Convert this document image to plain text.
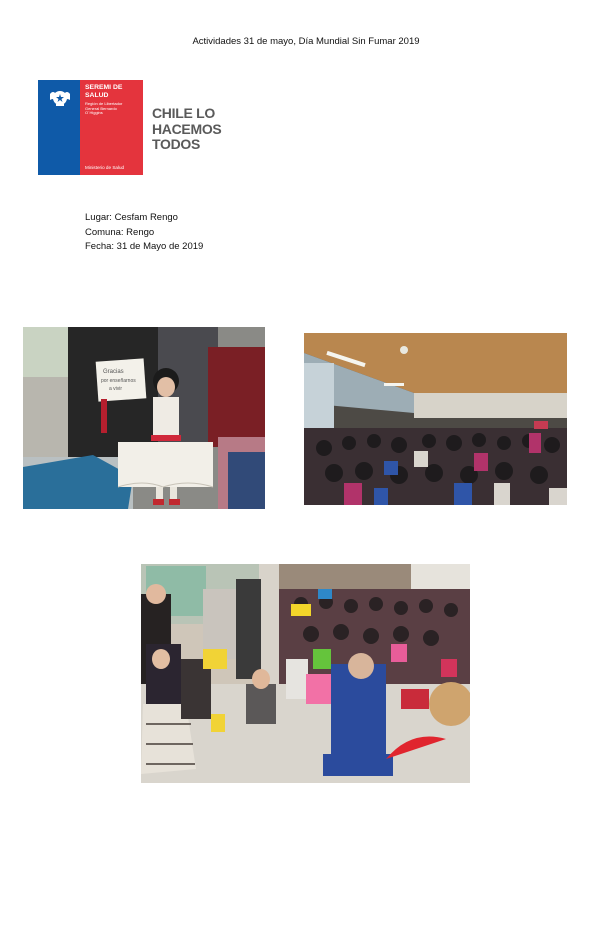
Actividades 31 de mayo, Día Mundial Sin Fumar 2019
SEREMI DE
SALUD
Región de Libertador
General Bernardo
O´Higgins
Ministerio de Salud
CHILE LO
HACEMOS
TODOS
Lugar: Cesfam Rengo
Comuna: Rengo
Fecha: 31 de Mayo de 2019
Gracias
por enseñarnos
a vivir
